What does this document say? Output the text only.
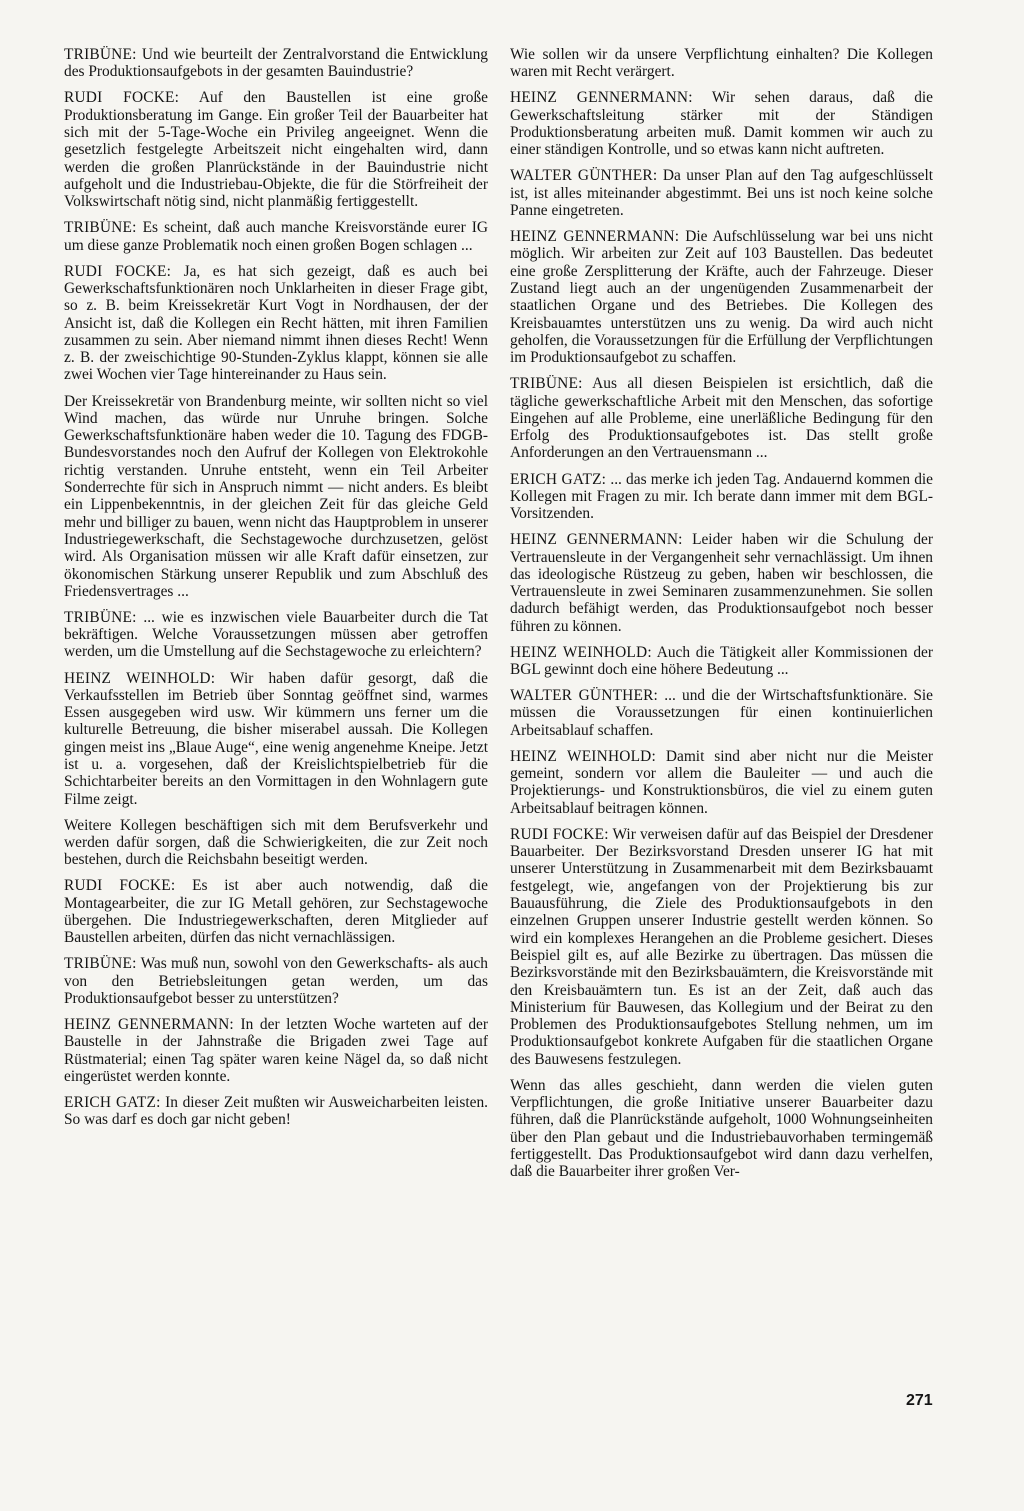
TRIBÜNE: Und wie beurteilt der Zentralvorstand die Entwicklung des Produktionsaufgebots in der gesamten Bauindustrie?

RUDI FOCKE: Auf den Baustellen ist eine große Produktionsberatung im Gange. Ein großer Teil der Bauarbeiter hat sich mit der 5-Tage-Woche ein Privileg angeeignet. Wenn die gesetzlich festgelegte Arbeitszeit nicht eingehalten wird, dann werden die großen Planrückstände in der Bauindustrie nicht aufgeholt und die Industriebau-Objekte, die für die Störfreiheit der Volkswirtschaft nötig sind, nicht planmäßig fertiggestellt.

TRIBÜNE: Es scheint, daß auch manche Kreisvorstände eurer IG um diese ganze Problematik noch einen großen Bogen schlagen ...

RUDI FOCKE: Ja, es hat sich gezeigt, daß es auch bei Gewerkschaftsfunktionären noch Unklarheiten in dieser Frage gibt, so z. B. beim Kreissekretär Kurt Vogt in Nordhausen, der der Ansicht ist, daß die Kollegen ein Recht hätten, mit ihren Familien zusammen zu sein. Aber niemand nimmt ihnen dieses Recht! Wenn z. B. der zweischichtige 90-Stunden-Zyklus klappt, können sie alle zwei Wochen vier Tage hintereinander zu Haus sein.

Der Kreissekretär von Brandenburg meinte, wir sollten nicht so viel Wind machen, das würde nur Unruhe bringen. Solche Gewerkschaftsfunktionäre haben weder die 10. Tagung des FDGB-Bundesvorstandes noch den Aufruf der Kollegen von Elektrokohle richtig verstanden. Unruhe entsteht, wenn ein Teil Arbeiter Sonderrechte für sich in Anspruch nimmt — nicht anders. Es bleibt ein Lippenbekenntnis, in der gleichen Zeit für das gleiche Geld mehr und billiger zu bauen, wenn nicht das Hauptproblem in unserer Industriegewerkschaft, die Sechstagewoche durchzusetzen, gelöst wird. Als Organisation müssen wir alle Kraft dafür einsetzen, zur ökonomischen Stärkung unserer Republik und zum Abschluß des Friedensvertrages ...

TRIBÜNE: ... wie es inzwischen viele Bauarbeiter durch die Tat bekräftigen. Welche Voraussetzungen müssen aber getroffen werden, um die Umstellung auf die Sechstagewoche zu erleichtern?

HEINZ WEINHOLD: Wir haben dafür gesorgt, daß die Verkaufsstellen im Betrieb über Sonntag geöffnet sind, warmes Essen ausgegeben wird usw. Wir kümmern uns ferner um die kulturelle Betreuung, die bisher miserabel aussah. Die Kollegen gingen meist ins „Blaue Auge“, eine wenig angenehme Kneipe. Jetzt ist u. a. vorgesehen, daß der Kreislichtspielbetrieb für die Schichtarbeiter bereits an den Vormittagen in den Wohnlagern gute Filme zeigt.

Weitere Kollegen beschäftigen sich mit dem Berufsverkehr und werden dafür sorgen, daß die Schwierigkeiten, die zur Zeit noch bestehen, durch die Reichsbahn beseitigt werden.

RUDI FOCKE: Es ist aber auch notwendig, daß die Montagearbeiter, die zur IG Metall gehören, zur Sechstagewoche übergehen. Die Industriegewerkschaften, deren Mitglieder auf Baustellen arbeiten, dürfen das nicht vernachlässigen.

TRIBÜNE: Was muß nun, sowohl von den Gewerkschafts- als auch von den Betriebsleitungen getan werden, um das Produktionsaufgebot besser zu unterstützen?

HEINZ GENNERMANN: In der letzten Woche warteten auf der Baustelle in der Jahnstraße die Brigaden zwei Tage auf Rüstmaterial; einen Tag später waren keine Nägel da, so daß nicht eingerüstet werden konnte.

ERICH GATZ: In dieser Zeit mußten wir Ausweicharbeiten leisten. So was darf es doch gar nicht geben!

Wie sollen wir da unsere Verpflichtung einhalten? Die Kollegen waren mit Recht verärgert.

HEINZ GENNERMANN: Wir sehen daraus, daß die Gewerkschaftsleitung stärker mit der Ständigen Produktionsberatung arbeiten muß. Damit kommen wir auch zu einer ständigen Kontrolle, und so etwas kann nicht auftreten.

WALTER GÜNTHER: Da unser Plan auf den Tag aufgeschlüsselt ist, ist alles miteinander abgestimmt. Bei uns ist noch keine solche Panne eingetreten.

HEINZ GENNERMANN: Die Aufschlüsselung war bei uns nicht möglich. Wir arbeiten zur Zeit auf 103 Baustellen. Das bedeutet eine große Zersplitterung der Kräfte, auch der Fahrzeuge. Dieser Zustand liegt auch an der ungenügenden Zusammenarbeit der staatlichen Organe und des Betriebes. Die Kollegen des Kreisbauamtes unterstützen uns zu wenig. Da wird auch nicht geholfen, die Voraussetzungen für die Erfüllung der Verpflichtungen im Produktionsaufgebot zu schaffen.

TRIBÜNE: Aus all diesen Beispielen ist ersichtlich, daß die tägliche gewerkschaftliche Arbeit mit den Menschen, das sofortige Eingehen auf alle Probleme, eine unerläßliche Bedingung für den Erfolg des Produktionsaufgebotes ist. Das stellt große Anforderungen an den Vertrauensmann ...

ERICH GATZ: ... das merke ich jeden Tag. Andauernd kommen die Kollegen mit Fragen zu mir. Ich berate dann immer mit dem BGL-Vorsitzenden.

HEINZ GENNERMANN: Leider haben wir die Schulung der Vertrauensleute in der Vergangenheit sehr vernachlässigt. Um ihnen das ideologische Rüstzeug zu geben, haben wir beschlossen, die Vertrauensleute in zwei Seminaren zusammenzunehmen. Sie sollen dadurch befähigt werden, das Produktionsaufgebot noch besser führen zu können.

HEINZ WEINHOLD: Auch die Tätigkeit aller Kommissionen der BGL gewinnt doch eine höhere Bedeutung ...

WALTER GÜNTHER: ... und die der Wirtschaftsfunktionäre. Sie müssen die Voraussetzungen für einen kontinuierlichen Arbeitsablauf schaffen.

HEINZ WEINHOLD: Damit sind aber nicht nur die Meister gemeint, sondern vor allem die Bauleiter — und auch die Projektierungs- und Konstruktionsbüros, die viel zu einem guten Arbeitsablauf beitragen können.

RUDI FOCKE: Wir verweisen dafür auf das Beispiel der Dresdener Bauarbeiter. Der Bezirksvorstand Dresden unserer IG hat mit unserer Unterstützung in Zusammenarbeit mit dem Bezirksbauamt festgelegt, wie, angefangen von der Projektierung bis zur Bauausführung, die Ziele des Produktionsaufgebots in den einzelnen Gruppen unserer Industrie gestellt werden können. So wird ein komplexes Herangehen an die Probleme gesichert. Dieses Beispiel gilt es, auf alle Bezirke zu übertragen. Das müssen die Bezirksvorstände mit den Bezirksbauämtern, die Kreisvorstände mit den Kreisbauämtern tun. Es ist an der Zeit, daß auch das Ministerium für Bauwesen, das Kollegium und der Beirat zu den Problemen des Produktionsaufgebotes Stellung nehmen, um im Produktionsaufgebot konkrete Aufgaben für die staatlichen Organe des Bauwesens festzulegen.

Wenn das alles geschieht, dann werden die vielen guten Verpflichtungen, die große Initiative unserer Bauarbeiter dazu führen, daß die Planrückstände aufgeholt, 1000 Wohnungseinheiten über den Plan gebaut und die Industriebauvorhaben termingemäß fertiggestellt. Das Produktionsaufgebot wird dann dazu verhelfen, daß die Bauarbeiter ihrer großen Ver-

271
